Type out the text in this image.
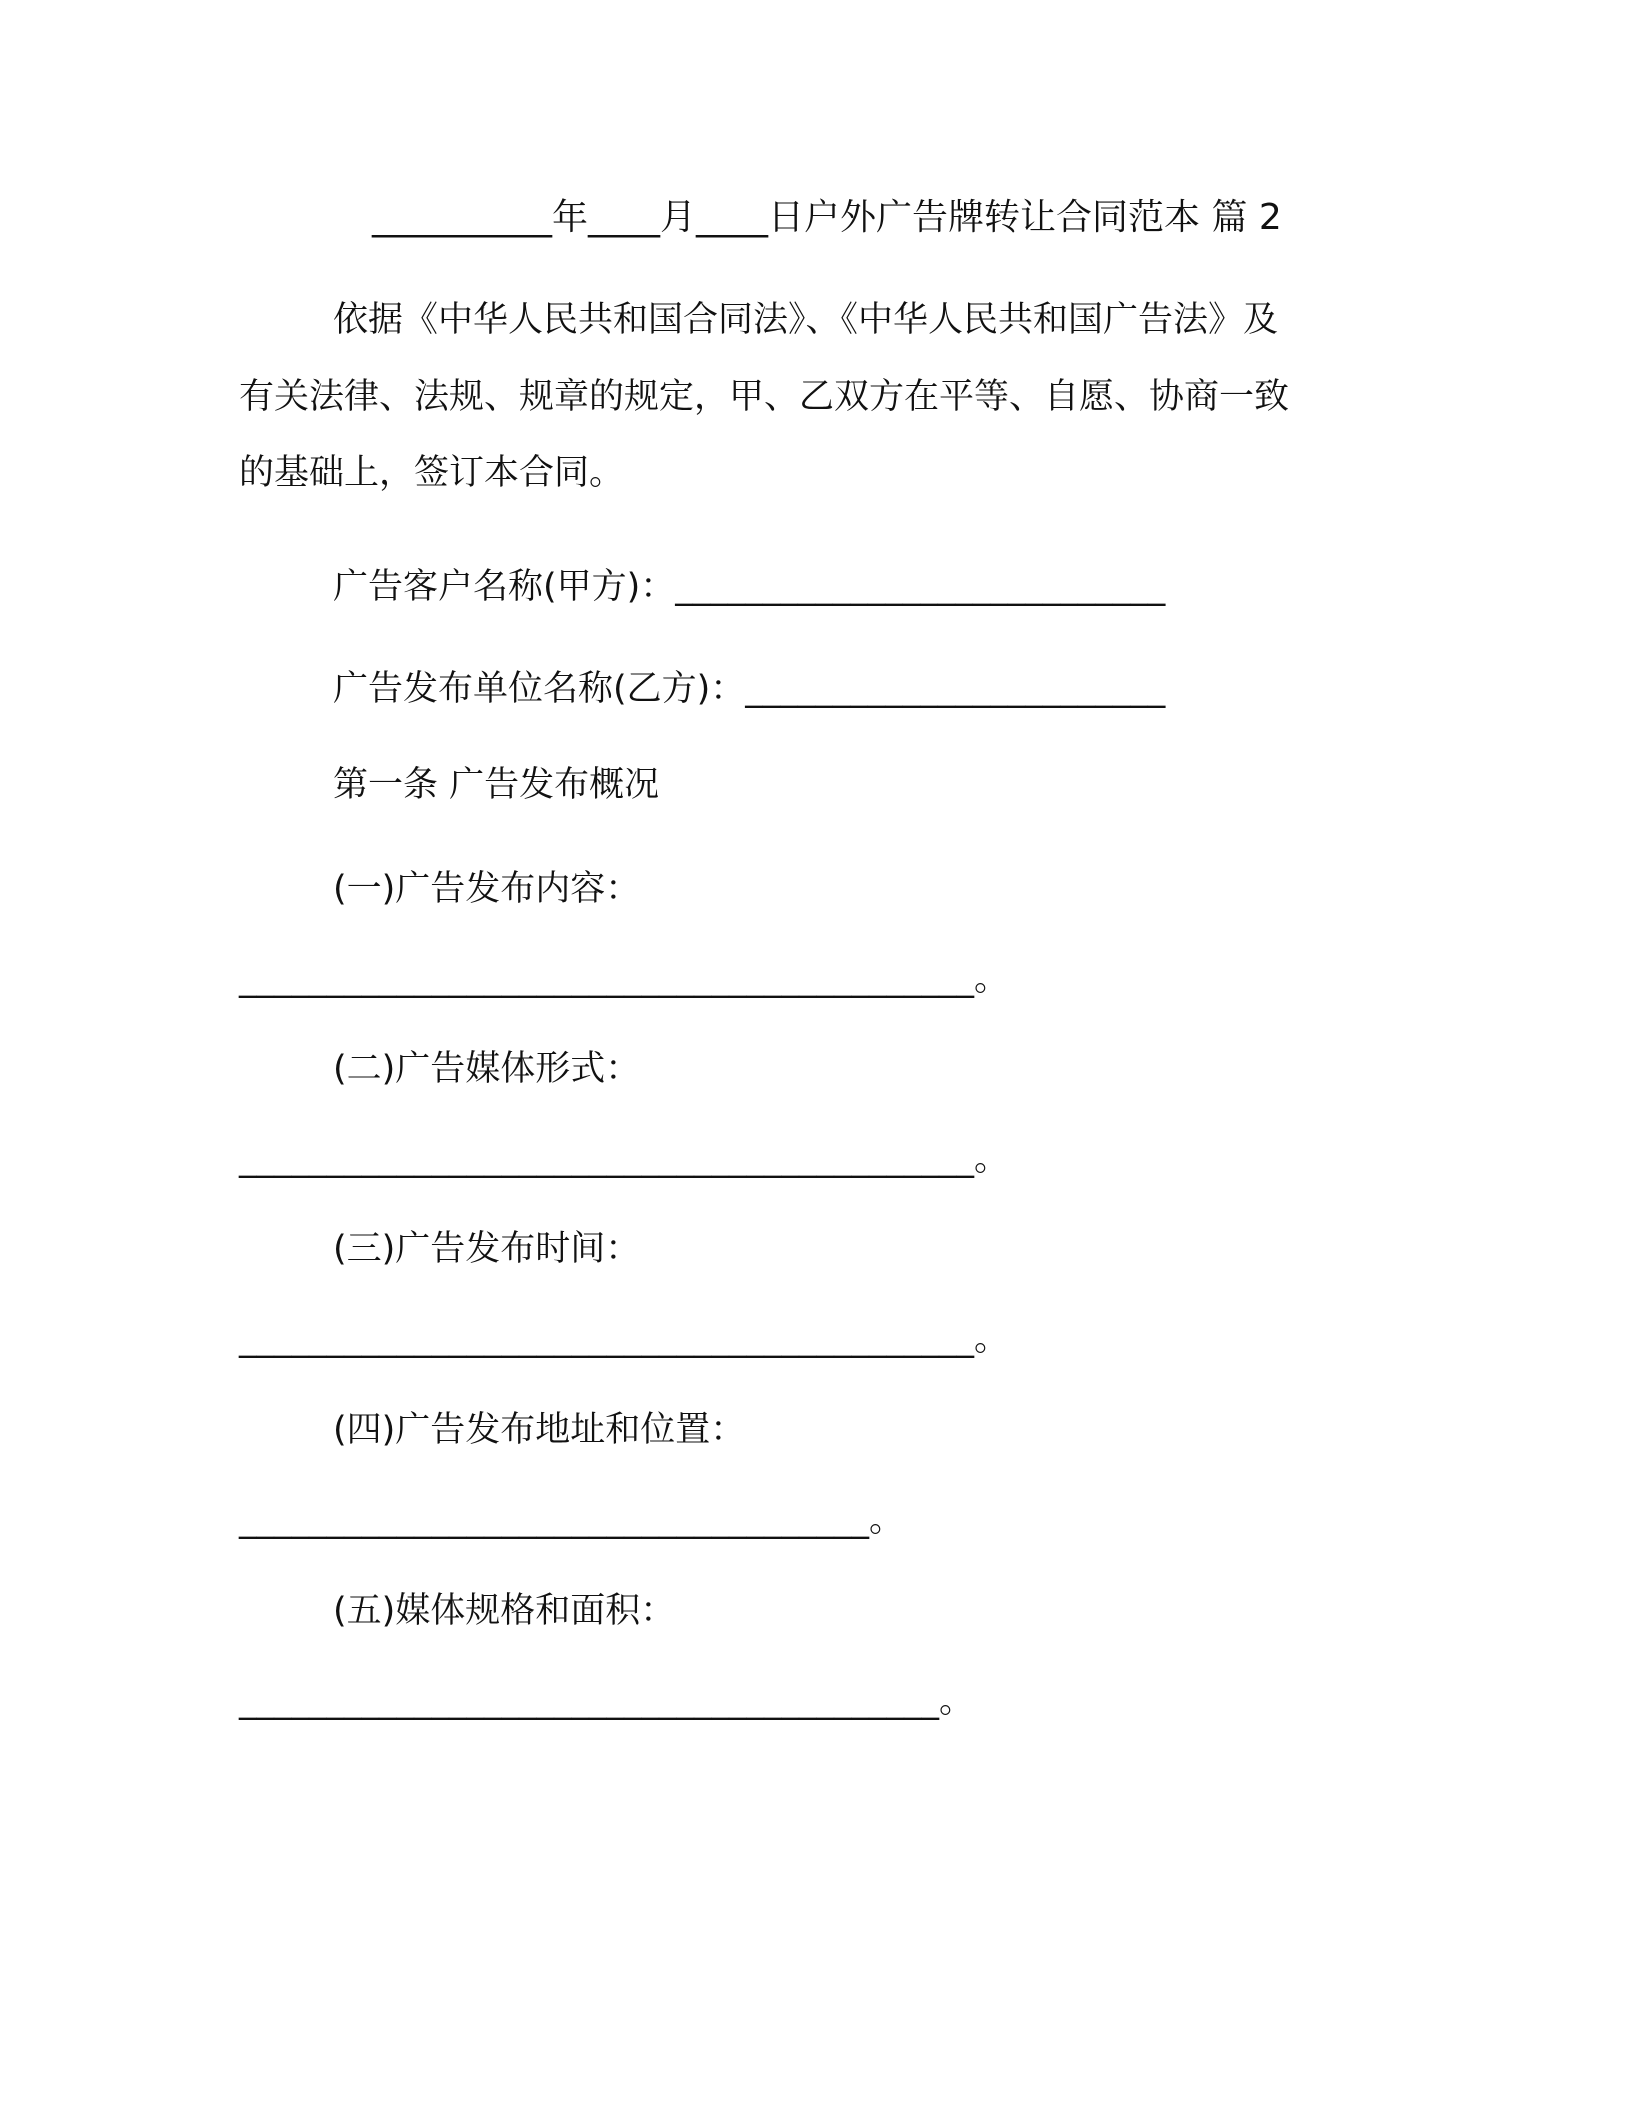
__________年____月____日户外广告牌转让合同范本 篇 2
依据《中华人民共和国合同法》、《中华人民共和国广告法》及
有关法律、法规、规章的规定，甲、乙双方在平等、自愿、协商一致
的基础上，签订本合同。
广告客户名称(甲方)：____________________________
广告发布单位名称(乙方)：________________________
第一条 广告发布概况
(一)广告发布内容：
__________________________________________。
(二)广告媒体形式：
__________________________________________。
(三)广告发布时间：
__________________________________________。
(四)广告发布地址和位置：
____________________________________。
(五)媒体规格和面积：
________________________________________。
